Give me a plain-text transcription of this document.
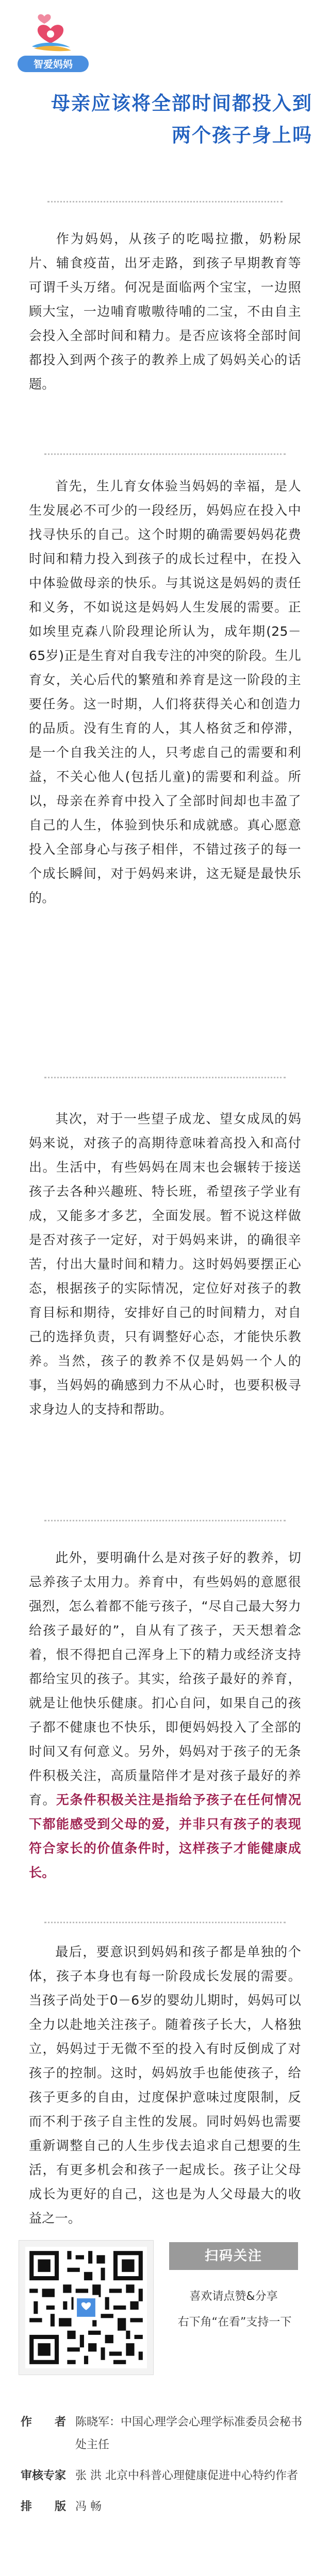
智爱妈妈
母亲应该将全部时间都投入到两个孩子身上吗

作为妈妈，从孩子的吃喝拉撒，奶粉尿片、辅食疫苗，出牙走路，到孩子早期教育等可谓千头万绪。何况是面临两个宝宝，一边照顾大宝，一边哺育嗷嗷待哺的二宝，不由自主会投入全部时间和精力。是否应该将全部时间都投入到两个孩子的教养上成了妈妈关心的话题。

首先，生儿育女体验当妈妈的幸福，是人生发展必不可少的一段经历，妈妈应在投入中找寻快乐的自己。这个时期的确需要妈妈花费时间和精力投入到孩子的成长过程中，在投入中体验做母亲的快乐。与其说这是妈妈的责任和义务，不如说这是妈妈人生发展的需要。正如埃里克森八阶段理论所认为，成年期(25－65岁)正是生育对自我专注的冲突的阶段。生儿育女，关心后代的繁殖和养育是这一阶段的主要任务。这一时期，人们将获得关心和创造力的品质。没有生育的人，其人格贫乏和停滞，是一个自我关注的人，只考虑自己的需要和利益，不关心他人(包括儿童)的需要和利益。所以，母亲在养育中投入了全部时间却也丰盈了自己的人生，体验到快乐和成就感。真心愿意投入全部身心与孩子相伴，不错过孩子的每一个成长瞬间，对于妈妈来讲，这无疑是最快乐的。

其次，对于一些望子成龙、望女成凤的妈妈来说，对孩子的高期待意味着高投入和高付出。生活中，有些妈妈在周末也会辗转于接送孩子去各种兴趣班、特长班，希望孩子学业有成，又能多才多艺，全面发展。暂不说这样做是否对孩子一定好，对于妈妈来讲，的确很辛苦，付出大量时间和精力。这时妈妈要摆正心态，根据孩子的实际情况，定位好对孩子的教育目标和期待，安排好自己的时间精力，对自己的选择负责，只有调整好心态，才能快乐教养。当然，孩子的教养不仅是妈妈一个人的事，当妈妈的确感到力不从心时，也要积极寻求身边人的支持和帮助。

此外，要明确什么是对孩子好的教养，切忌养孩子太用力。养育中，有些妈妈的意愿很强烈，怎么着都不能亏孩子，“尽自己最大努力给孩子最好的”，自从有了孩子，天天想着念着，恨不得把自己浑身上下的精力或经济支持都给宝贝的孩子。其实，给孩子最好的养育，就是让他快乐健康。扪心自问，如果自己的孩子都不健康也不快乐，即便妈妈投入了全部的时间又有何意义。另外，妈妈对于孩子的无条件积极关注，高质量陪伴才是对孩子最好的养育。无条件积极关注是指给予孩子在任何情况下都能感受到父母的爱，并非只有孩子的表现符合家长的价值条件时，这样孩子才能健康成长。

最后，要意识到妈妈和孩子都是单独的个体，孩子本身也有每一阶段成长发展的需要。当孩子尚处于0－6岁的婴幼儿期时，妈妈可以全力以赴地关注孩子。随着孩子长大，人格独立，妈妈过于无微不至的投入有时反倒成了对孩子的控制。这时，妈妈放手也能使孩子，给孩子更多的自由，过度保护意味过度限制，反而不利于孩子自主性的发展。同时妈妈也需要重新调整自己的人生步伐去追求自己想要的生活，有更多机会和孩子一起成长。孩子让父母成长为更好的自己，这也是为人父母最大的收益之一。

扫码关注
喜欢请点赞&分享
右下角“在看”支持一下
作　者 陈晓军：中国心理学会心理学标准委员会秘书处主任
审核专家 张 洪 北京中科普心理健康促进中心特约作者
排　版 冯 畅
